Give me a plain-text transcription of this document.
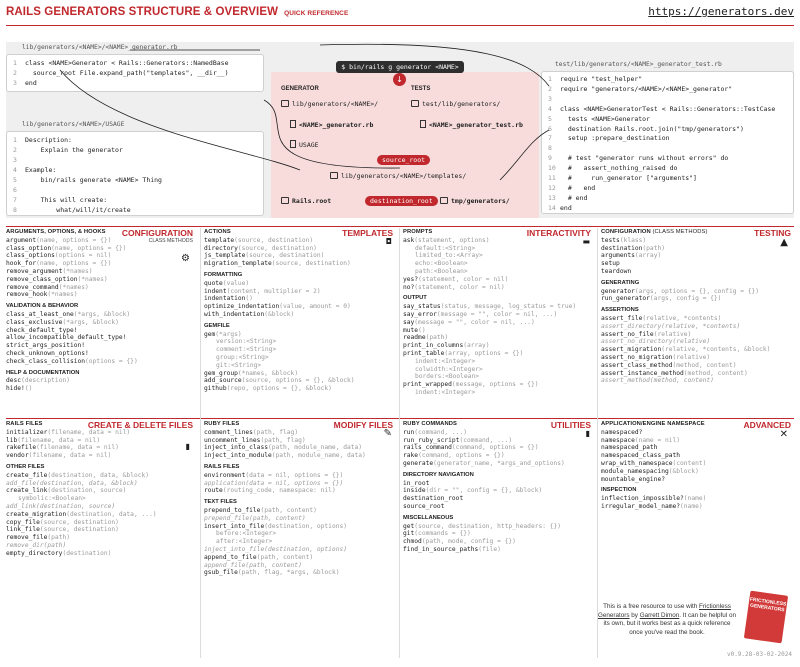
RAILS GENERATORS STRUCTURE & OVERVIEW QUICK REFERENCE	https://generators.dev
lib/generators/<NAME>/<NAME>_generator.rb
1 class <NAME>Generator < Rails::Generators::NamedBase
2  source_root File.expand_path("templates", __dir__)
3 end
lib/generators/<NAME>/USAGE
1 Description:
2    Explain the generator
3
4 Example:
5    bin/rails generate <NAME> Thing
6
7    This will create:
8        what/will/it/create
$ bin/rails g generator <NAME>
↓
GENERATOR	TESTS
lib/generators/<NAME>/
<NAME>_generator.rb
USAGE
test/lib/generators/
<NAME>_generator_test.rb
source_root
lib/generators/<NAME>/templates/
Rails.root	destination_root	tmp/generators/
test/lib/generators/<NAME>_generator_test.rb
1 require "test_helper"
2 require "generators/<NAME>/<NAME>_generator"
3
4 class <NAME>GeneratorTest < Rails::Generators::TestCase
5  tests <NAME>Generator
6  destination Rails.root.join("tmp/generators")
7  setup :prepare_destination
8
9  # test "generator runs without errors" do
10  #   assert_nothing_raised do
11  #     run_generator ["arguments"]
12  #   end
13  # end
14 end
CONFIGURATION
CLASS METHODS
⚙
ARGUMENTS, OPTIONS, & HOOKS
argument(name, options = {})
class_option(name, options = {})
class_options(options = nil)
hook_for(name, options = {})
remove_argument(*names)
remove_class_option(*names)
remove_command(*names)
remove_hook(*names)
VALIDATION & BEHAVIOR
class_at_least_one(*args, &block)
class_exclusive(*args, &block)
check_default_type!
allow_incompatible_default_type!
strict_args_position!
check_unknown_options!
check_class_collision(options = {})
HELP & DOCUMENTATION
desc(description)
hide!()
TEMPLATES
◘
ACTIONS
template(source, destination)
directory(source, destination)
js_template(source, destination)
migration_template(source, destination)
FORMATTING
quote(value)
indent(content, multiplier = 2)
indentation()
optimize_indentation(value, amount = 0)
with_indentation(&block)
GEMFILE
gem(*args)
version:<String>
comment:<String>
group:<String>
git:<String>
gem_group(*names, &block)
add_source(source, options = {}, &block)
github(repo, options = {}, &block)
INTERACTIVITY
▬
PROMPTS
ask(statement, options)
default:<String>
limited_to:<Array>
echo:<Boolean>
path:<Boolean>
yes?(statement, color = nil)
no?(statement, color = nil)
OUTPUT
say_status(status, message, log_status = true)
say_error(message = "", color = nil, ...)
say(message = "", color = nil, ...)
mute()
readme(path)
print_in_columns(array)
print_table(array, options = {})
indent:<Integer>
colwidth:<Integer>
borders:<Boolean>
print_wrapped(message, options = {})
indent:<Integer>
TESTING
▲
CONFIGURATION (CLASS METHODS)
tests(klass)
destination(path)
arguments(array)
setup
teardown
GENERATING
generator(args, options = {}, config = {})
run_generator(args, config = {})
ASSERTIONS
assert_file(relative, *contents)
assert_directory(relative, *contents)
assert_no_file(relative)
assert_no_directory(relative)
assert_migration(relative, *contents, &block)
assert_no_migration(relative)
assert_class_method(method, content)
assert_instance_method(method, content)
assert_method(method, content)
CREATE & DELETE FILES
▮
RAILS FILES
initializer(filename, data = nil)
lib(filename, data = nil)
rakefile(filename, data = nil)
vendor(filename, data = nil)
OTHER FILES
create_file(destination, data, &block)
add_file(destination, data, &block)
create_link(destination, source)
symbolic:<Boolean>
add_link(destination, source)
create_migration(destination, data, ...)
copy_file(source, destination)
link_file(source, destination)
remove_file(path)
remove_dir(path)
empty_directory(destination)
MODIFY FILES
✎
RUBY FILES
comment_lines(path, flag)
uncomment_lines(path, flag)
inject_into_class(path, module_name, data)
inject_into_module(path, module_name, data)
RAILS FILES
environment(data = nil, options = {})
application(data = nil, options = {})
route(routing_code, namespace: nil)
TEXT FILES
prepend_to_file(path, content)
prepend_file(path, content)
insert_into_file(destination, options)
before:<Integer>
after:<Integer>
inject_into_file(destination, options)
append_to_file(path, content)
append_file(path, content)
gsub_file(path, flag, *args, &block)
UTILITIES
▮
RUBY COMMANDS
run(command, ...)
run_ruby_script(command, ...)
rails_command(command, options = {})
rake(command, options = {})
generate(generator_name, *args_and_options)
DIRECTORY NAVIGATION
in_root
inside(dir = "", config = {}, &block)
destination_root
source_root
MISCELLANEOUS
get(source, destination, http_headers: {})
git(commands = {})
chmod(path, mode, config = {})
find_in_source_paths(file)
ADVANCED
✕
APPLICATION/ENGINE NAMESPACE
namespaced?
namespace(name = nil)
namespaced_path
namespaced_class_path
wrap_with_namespace(content)
module_namespacing(&block)
mountable_engine?
INSPECTION
inflection_impossible?(name)
irregular_model_name?(name)
This is a free resource to use with Frictionless Generators by Garrett Dimon. It can be helpful on its own, but it works best as a quick reference once you've read the book.
FRICTIONLESS GENERATORS
v0.9.28-03-02-2024
